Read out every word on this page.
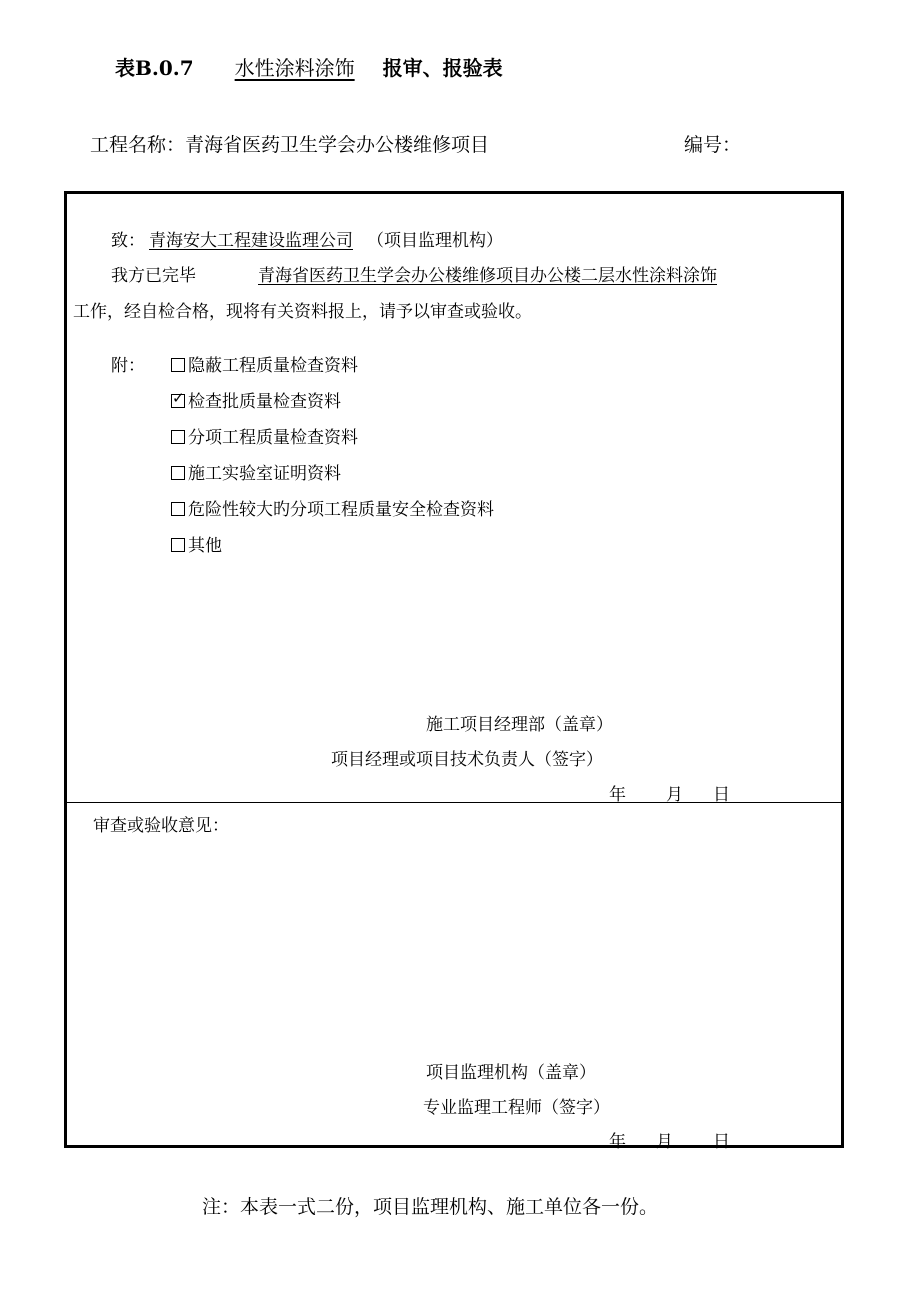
表B.0.7 水性涂料涂饰 报审、报验表
工程名称：青海省医药卫生学会办公楼维修项目	编号：
致： 青海安大工程建设监理公司 （项目监理机构）
我方已完毕	青海省医药卫生学会办公楼维修项目办公楼二层水性涂料涂饰
工作，经自检合格，现将有关资料报上，请予以审查或验收。
附：	隐蔽工程质量检查资料
✓检查批质量检查资料
分项工程质量检查资料
施工实验室证明资料
危险性较大旳分项工程质量安全检查资料
其他
施工项目经理部（盖章）
项目经理或项目技术负责人（签字）
年 月 日
审查或验收意见：
项目监理机构（盖章）
专业监理工程师（签字）
年 月 日
注：本表一式二份，项目监理机构、施工单位各一份。
